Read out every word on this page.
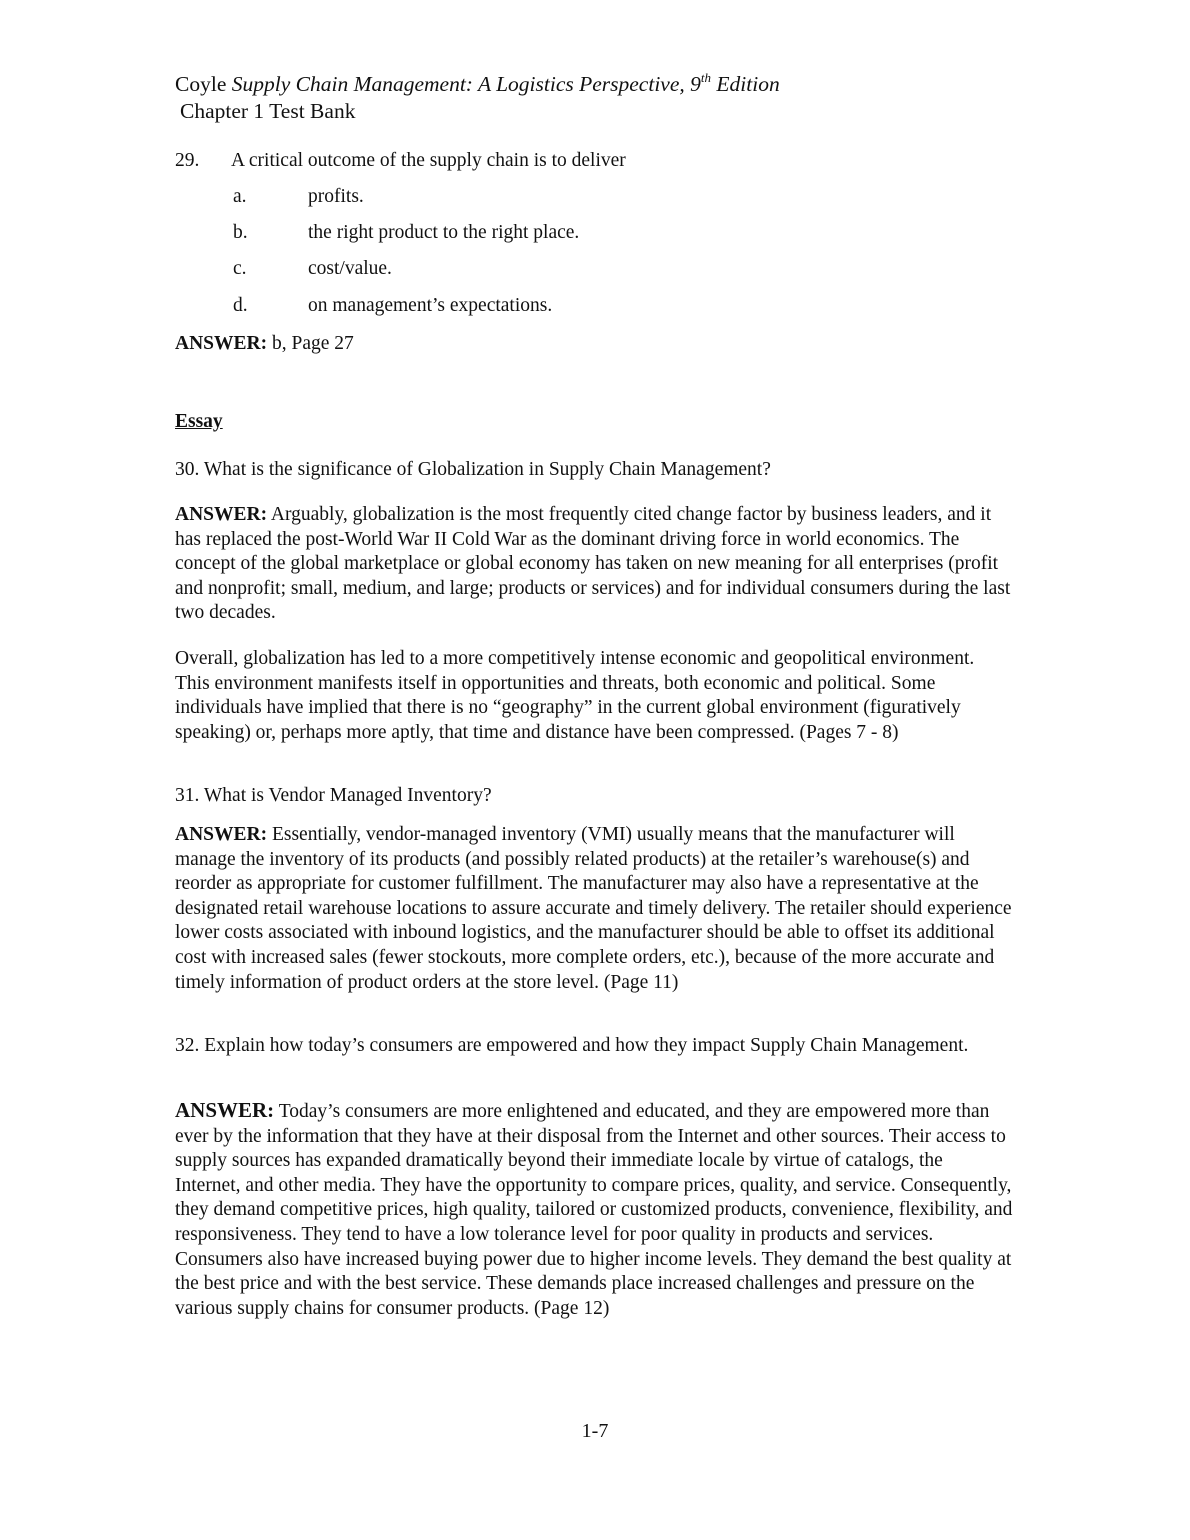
Coyle Supply Chain Management: A Logistics Perspective, 9th Edition
Chapter 1 Test Bank
29. A critical outcome of the supply chain is to deliver
a.	profits.
b.	the right product to the right place.
c.	cost/value.
d.	on management’s expectations.
ANSWER: b, Page 27
Essay
30. What is the significance of Globalization in Supply Chain Management?
ANSWER: Arguably, globalization is the most frequently cited change factor by business leaders, and it has replaced the post-World War II Cold War as the dominant driving force in world economics. The concept of the global marketplace or global economy has taken on new meaning for all enterprises (profit and nonprofit; small, medium, and large; products or services) and for individual consumers during the last two decades.
Overall, globalization has led to a more competitively intense economic and geopolitical environment. This environment manifests itself in opportunities and threats, both economic and political. Some individuals have implied that there is no “geography” in the current global environment (figuratively speaking) or, perhaps more aptly, that time and distance have been compressed. (Pages 7 - 8)
31. What is Vendor Managed Inventory?
ANSWER: Essentially, vendor-managed inventory (VMI) usually means that the manufacturer will manage the inventory of its products (and possibly related products) at the retailer’s warehouse(s) and reorder as appropriate for customer fulfillment. The manufacturer may also have a representative at the designated retail warehouse locations to assure accurate and timely delivery. The retailer should experience lower costs associated with inbound logistics, and the manufacturer should be able to offset its additional cost with increased sales (fewer stockouts, more complete orders, etc.), because of the more accurate and timely information of product orders at the store level. (Page 11)
32. Explain how today’s consumers are empowered and how they impact Supply Chain Management.
ANSWER: Today’s consumers are more enlightened and educated, and they are empowered more than ever by the information that they have at their disposal from the Internet and other sources. Their access to supply sources has expanded dramatically beyond their immediate locale by virtue of catalogs, the Internet, and other media. They have the opportunity to compare prices, quality, and service. Consequently, they demand competitive prices, high quality, tailored or customized products, convenience, flexibility, and responsiveness. They tend to have a low tolerance level for poor quality in products and services. Consumers also have increased buying power due to higher income levels. They demand the best quality at the best price and with the best service. These demands place increased challenges and pressure on the various supply chains for consumer products. (Page 12)
1-7
